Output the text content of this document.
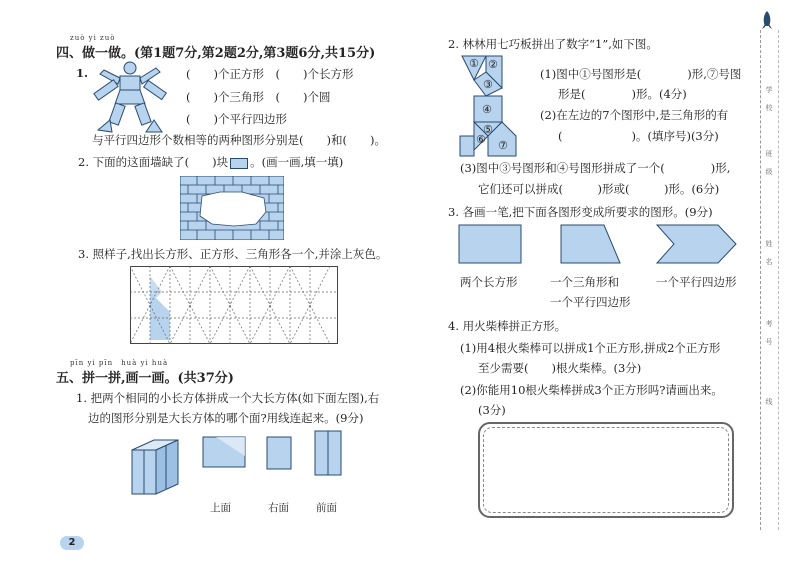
zuò yi zuò
四、做一做。(第1题7分,第2题2分,第3题6分,共15分)
1.	(　　)个正方形　(　　)个长方形
(　　)个三角形　(　　)个圆
(　　)个平行四边形
与平行四边形个数相等的两种图形分别是(　　)和(　　)。
2. 下面的这面墙缺了(　　)块 。(画一画,填一填)
3. 照样子,找出长方形、正方形、三角形各一个,并涂上灰色。
pīn yi pīn　huà yi huà
五、拼一拼,画一画。(共37分)
1. 把两个相同的小长方体拼成一个大长方体(如下面左图),右
边的图形分别是大长方体的哪个面?用线连起来。(9分)
上面	右面	前面
2
2. 林林用七巧板拼出了数字“1”,如下图。
① ②
③
④
⑤
⑥ ⑦
(1)图中①号图形是(　　　　)形,⑦号图
形是(　　　　)形。(4分)
(2)在左边的7个图形中,是三角形的有
(　　　　　　)。(填序号)(3分)
(3)图中③号图形和④号图形拼成了一个(　　　　)形,
它们还可以拼成(　　　)形或(　　　)形。(6分)
3. 各画一笔,把下面各图形变成所要求的图形。(9分)
两个长方形	一个三角形和	一个平行四边形
一个平行四边形
4. 用火柴棒拼正方形。
(1)用4根火柴棒可以拼成1个正方形,拼成2个正方形
至少需要(　　)根火柴棒。(3分)
(2)你能用10根火柴棒拼成3个正方形吗?请画出来。
(3分)
学
校
班
级
姓
名
考
号
线
